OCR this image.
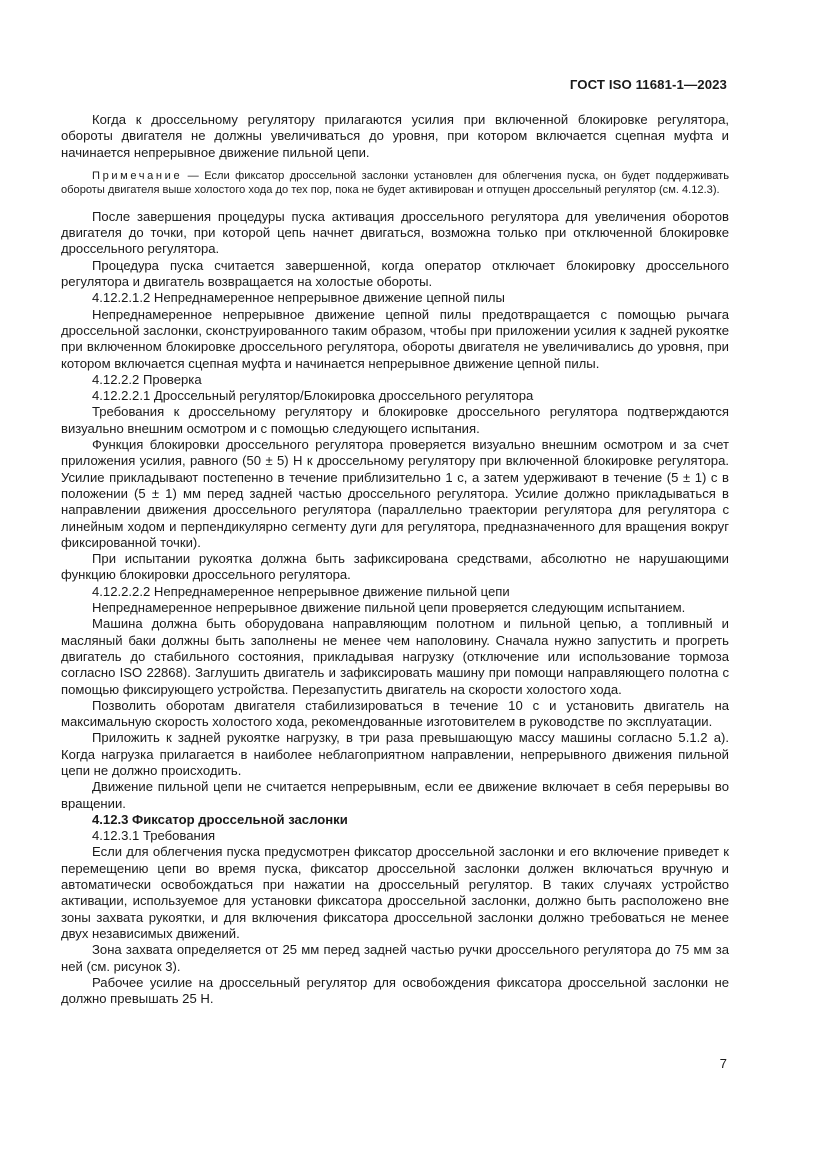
ГОСТ ISO 11681-1—2023

Когда к дроссельному регулятору прилагаются усилия при включенной блокировке регулятора, обороты двигателя не должны увеличиваться до уровня, при котором включается сцепная муфта и начинается непрерывное движение пильной цепи.

Примечание — Если фиксатор дроссельной заслонки установлен для облегчения пуска, он будет поддерживать обороты двигателя выше холостого хода до тех пор, пока не будет активирован и отпущен дроссельный регулятор (см. 4.12.3).

После завершения процедуры пуска активация дроссельного регулятора для увеличения оборотов двигателя до точки, при которой цепь начнет двигаться, возможна только при отключенной блокировке дроссельного регулятора.

Процедура пуска считается завершенной, когда оператор отключает блокировку дроссельного регулятора и двигатель возвращается на холостые обороты.

4.12.2.1.2 Непреднамеренное непрерывное движение цепной пилы

Непреднамеренное непрерывное движение цепной пилы предотвращается с помощью рычага дроссельной заслонки, сконструированного таким образом, чтобы при приложении усилия к задней рукоятке при включенном блокировке дроссельного регулятора, обороты двигателя не увеличивались до уровня, при котором включается сцепная муфта и начинается непрерывное движение цепной пилы.

4.12.2.2 Проверка

4.12.2.2.1 Дроссельный регулятор/Блокировка дроссельного регулятора

Требования к дроссельному регулятору и блокировке дроссельного регулятора подтверждаются визуально внешним осмотром и с помощью следующего испытания.

Функция блокировки дроссельного регулятора проверяется визуально внешним осмотром и за счет приложения усилия, равного (50 ± 5) Н к дроссельному регулятору при включенной блокировке регулятора. Усилие прикладывают постепенно в течение приблизительно 1 с, а затем удерживают в течение (5 ± 1) с в положении (5 ± 1) мм перед задней частью дроссельного регулятора. Усилие должно прикладываться в направлении движения дроссельного регулятора (параллельно траектории регулятора для регулятора с линейным ходом и перпендикулярно сегменту дуги для регулятора, предназначенного для вращения вокруг фиксированной точки).

При испытании рукоятка должна быть зафиксирована средствами, абсолютно не нарушающими функцию блокировки дроссельного регулятора.

4.12.2.2.2 Непреднамеренное непрерывное движение пильной цепи

Непреднамеренное непрерывное движение пильной цепи проверяется следующим испытанием.

Машина должна быть оборудована направляющим полотном и пильной цепью, а топливный и масляный баки должны быть заполнены не менее чем наполовину. Сначала нужно запустить и прогреть двигатель до стабильного состояния, прикладывая нагрузку (отключение или использование тормоза согласно ISO 22868). Заглушить двигатель и зафиксировать машину при помощи направляющего полотна с помощью фиксирующего устройства. Перезапустить двигатель на скорости холостого хода.

Позволить оборотам двигателя стабилизироваться в течение 10 с и установить двигатель на максимальную скорость холостого хода, рекомендованные изготовителем в руководстве по эксплуатации.

Приложить к задней рукоятке нагрузку, в три раза превышающую массу машины согласно 5.1.2 а). Когда нагрузка прилагается в наиболее неблагоприятном направлении, непрерывного движения пильной цепи не должно происходить.

Движение пильной цепи не считается непрерывным, если ее движение включает в себя перерывы во вращении.

4.12.3 Фиксатор дроссельной заслонки

4.12.3.1 Требования

Если для облегчения пуска предусмотрен фиксатор дроссельной заслонки и его включение приведет к перемещению цепи во время пуска, фиксатор дроссельной заслонки должен включаться вручную и автоматически освобождаться при нажатии на дроссельный регулятор. В таких случаях устройство активации, используемое для установки фиксатора дроссельной заслонки, должно быть расположено вне зоны захвата рукоятки, и для включения фиксатора дроссельной заслонки должно требоваться не менее двух независимых движений.

Зона захвата определяется от 25 мм перед задней частью ручки дроссельного регулятора до 75 мм за ней (см. рисунок 3).

Рабочее усилие на дроссельный регулятор для освобождения фиксатора дроссельной заслонки не должно превышать 25 Н.

7
